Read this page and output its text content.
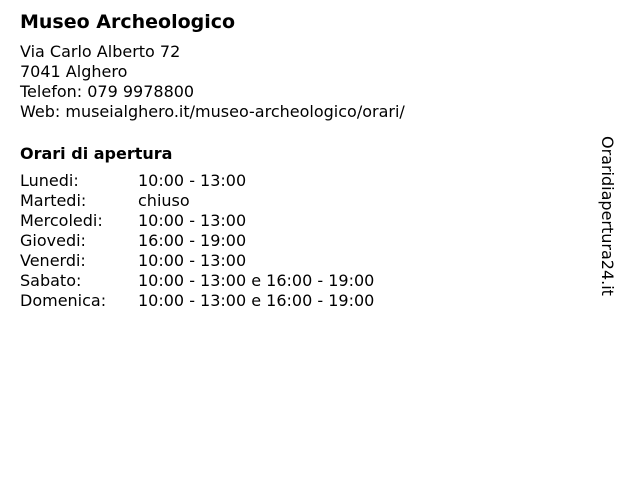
Museo Archeologico
Via Carlo Alberto 72
7041 Alghero
Telefon: 079 9978800
Web: museialghero.it/museo-archeologico/orari/
Orari di apertura
Lunedi:	10:00 - 13:00
Martedi:	chiuso
Mercoledi:	10:00 - 13:00
Giovedi:	16:00 - 19:00
Venerdi:	10:00 - 13:00
Sabato:	10:00 - 13:00 e 16:00 - 19:00
Domenica:	10:00 - 13:00 e 16:00 - 19:00
Oraridiapertura24.it
